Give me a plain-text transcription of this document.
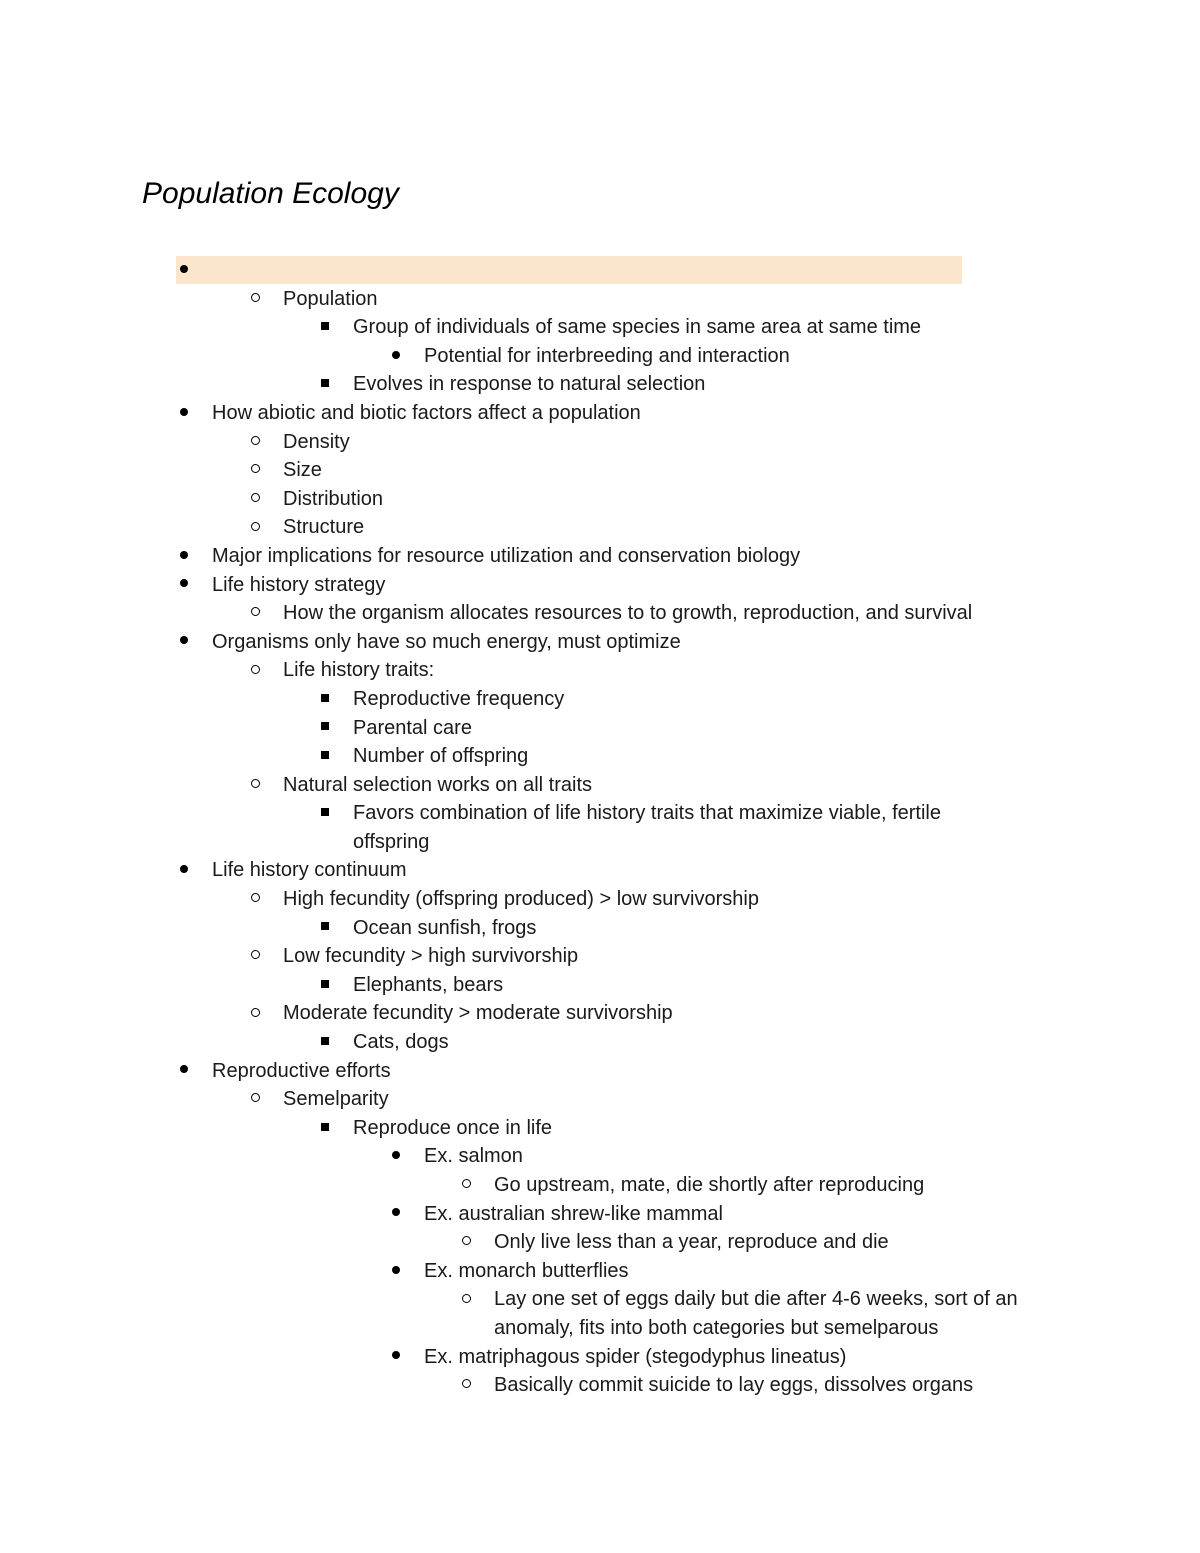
Population Ecology
Population
Group of individuals of same species in same area at same time
Potential for interbreeding and interaction
Evolves in response to natural selection
How abiotic and biotic factors affect a population
Density
Size
Distribution
Structure
Major implications for resource utilization and conservation biology
Life history strategy
How the organism allocates resources to to growth, reproduction, and survival
Organisms only have so much energy, must optimize
Life history traits:
Reproductive frequency
Parental care
Number of offspring
Natural selection works on all traits
Favors combination of life history traits that maximize viable, fertile offspring
Life history continuum
High fecundity (offspring produced) > low survivorship
Ocean sunfish, frogs
Low fecundity > high survivorship
Elephants, bears
Moderate fecundity > moderate survivorship
Cats, dogs
Reproductive efforts
Semelparity
Reproduce once in life
Ex. salmon
Go upstream, mate, die shortly after reproducing
Ex. australian shrew-like mammal
Only live less than a year, reproduce and die
Ex. monarch butterflies
Lay one set of eggs daily but die after 4-6 weeks, sort of an anomaly, fits into both categories but semelparous
Ex. matriphagous spider (stegodyphus lineatus)
Basically commit suicide to lay eggs, dissolves organs
